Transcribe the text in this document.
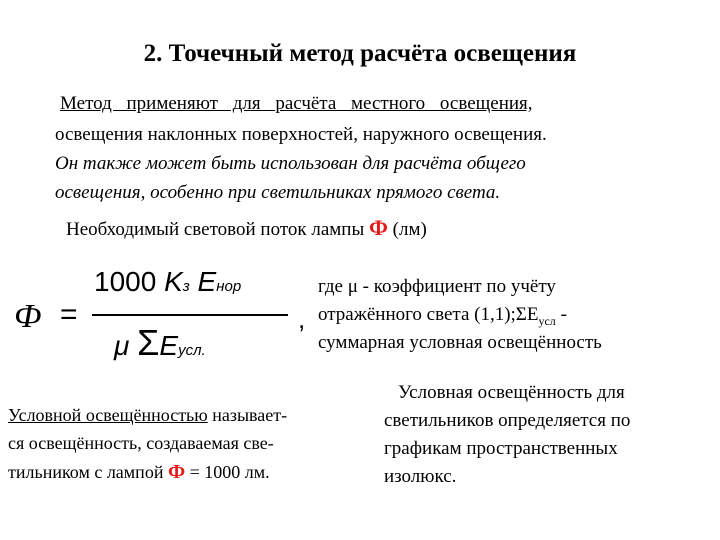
2. Точечный метод расчёта освещения
Метод применяют для расчёта местного освещения,
освещения наклонных поверхностей, наружного освещения.
Он также может быть использован для расчёта общего
освещения, особенно при светильниках прямого света.
Необходимый световой поток лампы Ф (лм)
Ф =
1000 Kз Eнор
μ ΣEусл.
,
где μ - коэффициент по учёту
отражённого света $(1,1);\Sigma E_{усл}$ -
суммарная условная освещённость
Условная освещённость для
светильников определяется по
графикам пространственных
изолюкс.
Условной освещённостью называет-
ся освещённость, создаваемая све-
тильником с лампой Ф = 1000 лм.
